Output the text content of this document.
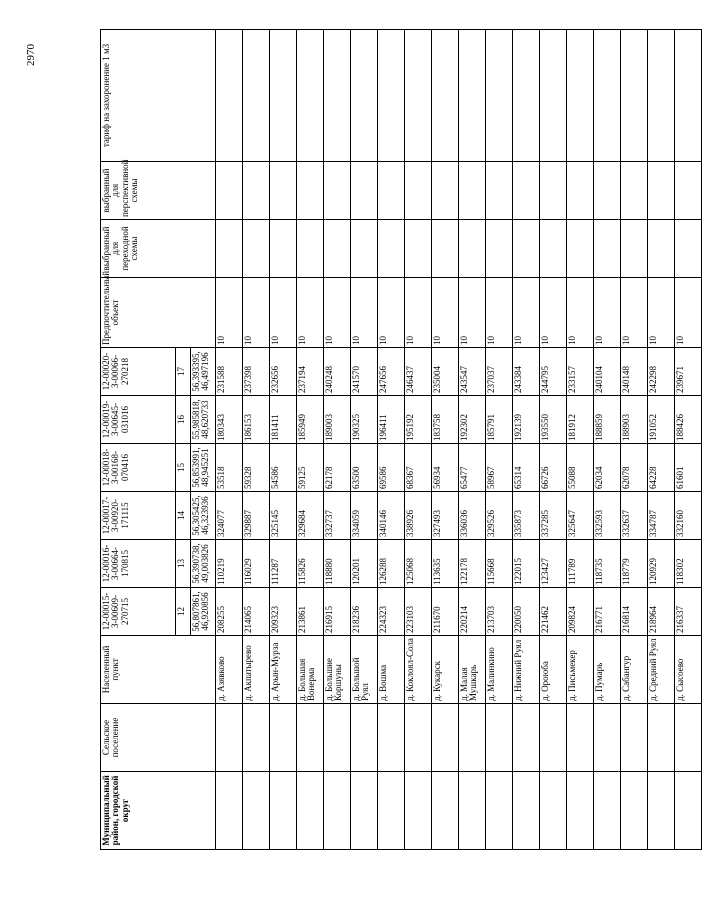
2970
Муниципальный район, городской округ	Сельское поселение	Населенный пункт	12-00015-З-00609-270715	12-00016-З-00664-170815	12-00017-З-00920-171115	12-00018-З-00168-070416	12-00019-З-00645-031016	12-00020-З-00066-270218	Предпочтительный объект	выбранный для переходной схемы	выбранный для перспективной схемы	тариф на захоронение 1 м3
			12	13	14	15	16	17				
			56,807861, 46,920856	56,390738, 49,003826	56,305425, 46,323936	56,853991, 48,945251	55,985818, 48,620733	56,393395, 46,497196				
		д. Азявково	208255	110219	324077	53518	180343	231588	10			
		д. Акпатырево	214065	116029	329887	59328	186153	237398	10			
		д. Арын-Мурза	209323	111287	325145	54586	181411	232656	10			
		д. Большая Вонерма	213861	115826	329684	59125	185949	237194	10			
		д. Большие Коршуны	216915	118880	332737	62178	189003	240248	10			
		д. Большой Руял	218236	120201	334059	63500	190325	241570	10			
		д. Вошма	224323	126288	340146	69586	196411	247656	10			
		д. Коклоял-Сола	223103	125068	338926	68367	195192	246437	10			
		д. Кукарск	211670	113635	327493	56934	183758	235004	10			
		д. Малая Мушкарь	220214	122178	336036	65477	192302	243547	10			
		д. Малинкино	213703	115668	329526	58967	185791	237037	10			
		д. Нижний Руял	220050	122015	335873	65314	192139	243384	10			
		д. Ороюба	221462	123427	337285	66726	193550	244795	10			
		д. Письмекер	209824	111789	325647	55088	181912	233157	10			
		д. Пумарь	216771	118735	332593	62034	188859	240104	10			
		д. Сабангур	216814	118779	332637	62078	188903	240148	10			
		д. Средний Руял	218964	120929	334787	64228	191052	242298	10			
		д. Сысоево	216337	118302	332160	61601	188426	239671	10			
